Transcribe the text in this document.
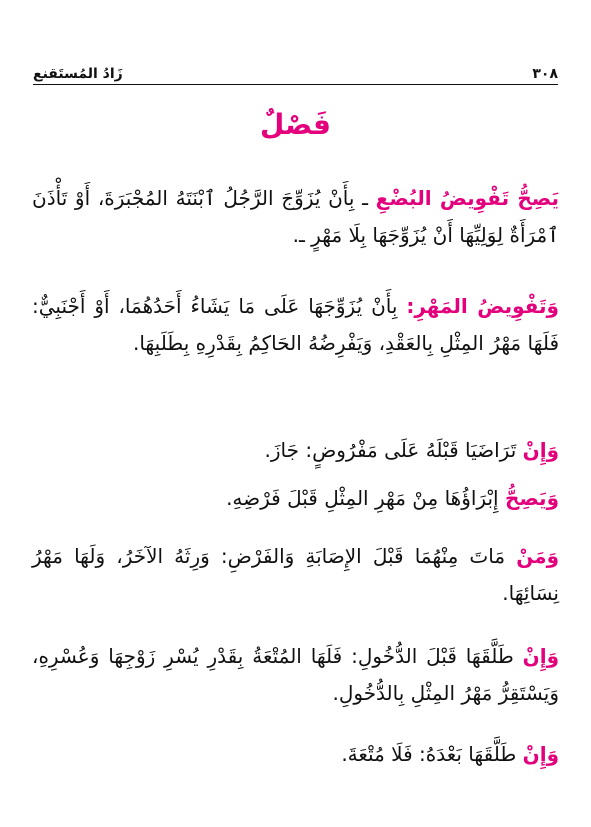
٣٠٨
زَادُ المُستَقنع
فَصْلٌ

يَصِحُّ تَفْوِيضُ البُضْعِ ـ بِأَنْ يُزَوِّجَ الرَّجُلُ ٱبْنَتَهُ المُجْبَرَةَ، أَوْ تَأْذَنَ ٱمْرَأَةٌ لِوَلِيِّهَا أَنْ يُزَوِّجَهَا بِلَا مَهْرٍ ـ.

وَتَفْوِيضُ المَهْرِ: بِأَنْ يُزَوِّجَهَا عَلَى مَا يَشَاءُ أَحَدُهُمَا، أَوْ أَجْنَبِيٌّ: فَلَهَا مَهْرُ المِثْلِ بِالعَقْدِ، وَيَفْرِضُهُ الحَاكِمُ بِقَدْرِهِ بِطَلَبِهَا.

وَإِنْ تَرَاضَيَا قَبْلَهُ عَلَى مَفْرُوضٍ: جَازَ.

وَيَصِحُّ إِبْرَاؤُهَا مِنْ مَهْرِ المِثْلِ قَبْلَ فَرْضِهِ.

وَمَنْ مَاتَ مِنْهُمَا قَبْلَ الإِصَابَةِ وَالفَرْضِ: وَرِثَهُ الآخَرُ، وَلَهَا مَهْرُ نِسَائِهَا.

وَإِنْ طَلَّقَهَا قَبْلَ الدُّخُولِ: فَلَهَا المُتْعَةُ بِقَدْرِ يُسْرِ زَوْجِهَا وَعُسْرِهِ، وَيَسْتَقِرُّ مَهْرُ المِثْلِ بِالدُّخُولِ.

وَإِنْ طَلَّقَهَا بَعْدَهُ: فَلَا مُتْعَةَ.
